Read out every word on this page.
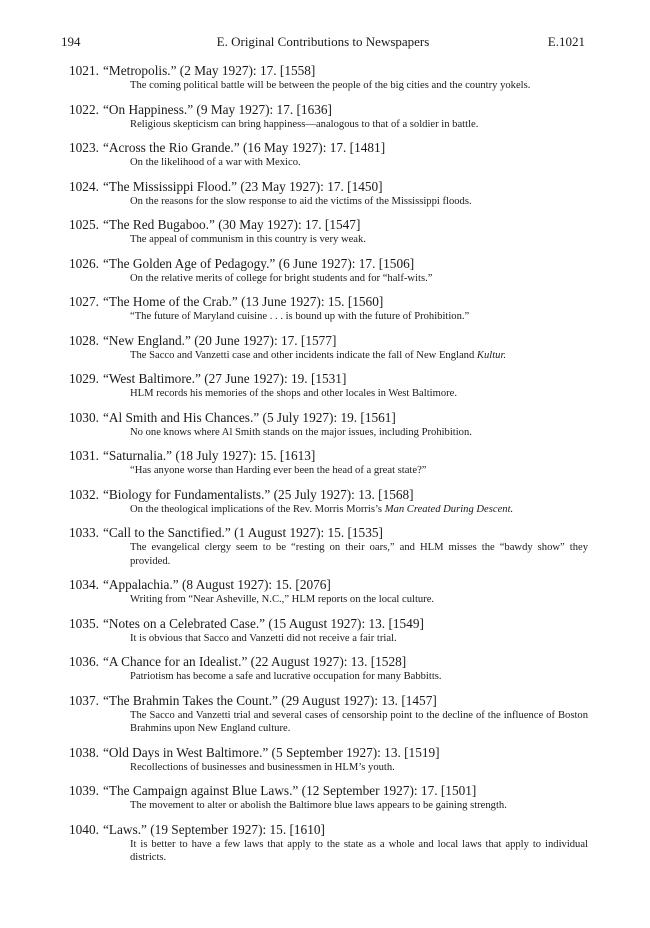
194	E. Original Contributions to Newspapers	E.1021
1021. “Metropolis.” (2 May 1927): 17. [1558]
The coming political battle will be between the people of the big cities and the country yokels.
1022. “On Happiness.” (9 May 1927): 17. [1636]
Religious skepticism can bring happiness—analogous to that of a soldier in battle.
1023. “Across the Rio Grande.” (16 May 1927): 17. [1481]
On the likelihood of a war with Mexico.
1024. “The Mississippi Flood.” (23 May 1927): 17. [1450]
On the reasons for the slow response to aid the victims of the Mississippi floods.
1025. “The Red Bugaboo.” (30 May 1927): 17. [1547]
The appeal of communism in this country is very weak.
1026. “The Golden Age of Pedagogy.” (6 June 1927): 17. [1506]
On the relative merits of college for bright students and for “half-wits.”
1027. “The Home of the Crab.” (13 June 1927): 15. [1560]
“The future of Maryland cuisine . . . is bound up with the future of Prohibition.”
1028. “New England.” (20 June 1927): 17. [1577]
The Sacco and Vanzetti case and other incidents indicate the fall of New England Kultur.
1029. “West Baltimore.” (27 June 1927): 19. [1531]
HLM records his memories of the shops and other locales in West Baltimore.
1030. “Al Smith and His Chances.” (5 July 1927): 19. [1561]
No one knows where Al Smith stands on the major issues, including Prohibition.
1031. “Saturnalia.” (18 July 1927): 15. [1613]
“Has anyone worse than Harding ever been the head of a great state?”
1032. “Biology for Fundamentalists.” (25 July 1927): 13. [1568]
On the theological implications of the Rev. Morris Morris’s Man Created During Descent.
1033. “Call to the Sanctified.” (1 August 1927): 15. [1535]
The evangelical clergy seem to be “resting on their oars,” and HLM misses the “bawdy show” they provided.
1034. “Appalachia.” (8 August 1927): 15. [2076]
Writing from “Near Asheville, N.C.,” HLM reports on the local culture.
1035. “Notes on a Celebrated Case.” (15 August 1927): 13. [1549]
It is obvious that Sacco and Vanzetti did not receive a fair trial.
1036. “A Chance for an Idealist.” (22 August 1927): 13. [1528]
Patriotism has become a safe and lucrative occupation for many Babbitts.
1037. “The Brahmin Takes the Count.” (29 August 1927): 13. [1457]
The Sacco and Vanzetti trial and several cases of censorship point to the decline of the influence of Boston Brahmins upon New England culture.
1038. “Old Days in West Baltimore.” (5 September 1927): 13. [1519]
Recollections of businesses and businessmen in HLM’s youth.
1039. “The Campaign against Blue Laws.” (12 September 1927): 17. [1501]
The movement to alter or abolish the Baltimore blue laws appears to be gaining strength.
1040. “Laws.” (19 September 1927): 15. [1610]
It is better to have a few laws that apply to the state as a whole and local laws that apply to individual districts.
